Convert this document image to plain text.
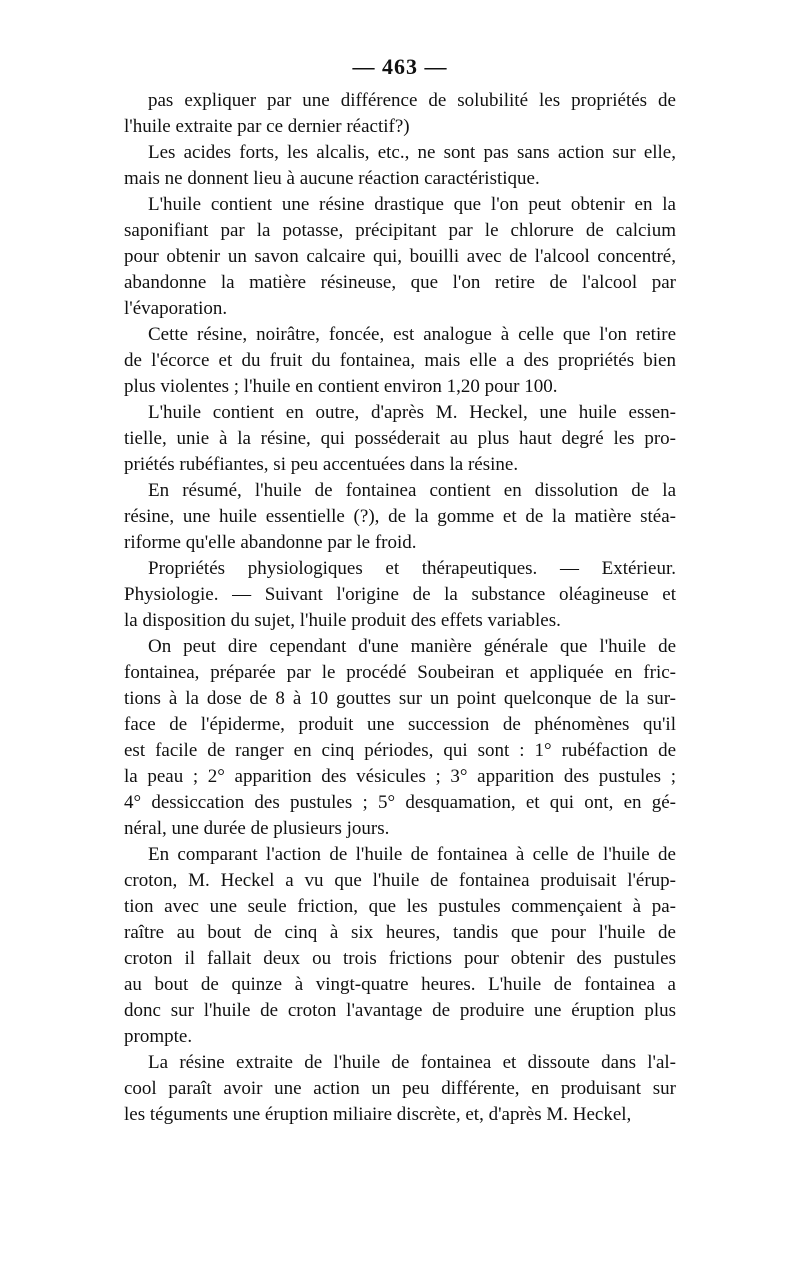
— 463 —
pas expliquer par une différence de solubilité les propriétés de
l'huile extraite par ce dernier réactif?)
Les acides forts, les alcalis, etc., ne sont pas sans action sur elle,
mais ne donnent lieu à aucune réaction caractéristique.
L'huile contient une résine drastique que l'on peut obtenir en la
saponifiant par la potasse, précipitant par le chlorure de calcium
pour obtenir un savon calcaire qui, bouilli avec de l'alcool concentré,
abandonne la matière résineuse, que l'on retire de l'alcool par
l'évaporation.
Cette résine, noirâtre, foncée, est analogue à celle que l'on retire
de l'écorce et du fruit du fontainea, mais elle a des propriétés bien
plus violentes ; l'huile en contient environ 1,20 pour 100.
L'huile contient en outre, d'après M. Heckel, une huile essen-
tielle, unie à la résine, qui posséderait au plus haut degré les pro-
priétés rubéfiantes, si peu accentuées dans la résine.
En résumé, l'huile de fontainea contient en dissolution de la
résine, une huile essentielle (?), de la gomme et de la matière stéa-
riforme qu'elle abandonne par le froid.
Propriétés physiologiques et thérapeutiques. — Extérieur.
Physiologie. — Suivant l'origine de la substance oléagineuse et
la disposition du sujet, l'huile produit des effets variables.
On peut dire cependant d'une manière générale que l'huile de
fontainea, préparée par le procédé Soubeiran et appliquée en fric-
tions à la dose de 8 à 10 gouttes sur un point quelconque de la sur-
face de l'épiderme, produit une succession de phénomènes qu'il
est facile de ranger en cinq périodes, qui sont : 1° rubéfaction de
la peau ; 2° apparition des vésicules ; 3° apparition des pustules ;
4° dessiccation des pustules ; 5° desquamation, et qui ont, en gé-
néral, une durée de plusieurs jours.
En comparant l'action de l'huile de fontainea à celle de l'huile de
croton, M. Heckel a vu que l'huile de fontainea produisait l'érup-
tion avec une seule friction, que les pustules commençaient à pa-
raître au bout de cinq à six heures, tandis que pour l'huile de
croton il fallait deux ou trois frictions pour obtenir des pustules
au bout de quinze à vingt-quatre heures. L'huile de fontainea a
donc sur l'huile de croton l'avantage de produire une éruption plus
prompte.
La résine extraite de l'huile de fontainea et dissoute dans l'al-
cool paraît avoir une action un peu différente, en produisant sur
les téguments une éruption miliaire discrète, et, d'après M. Heckel,
